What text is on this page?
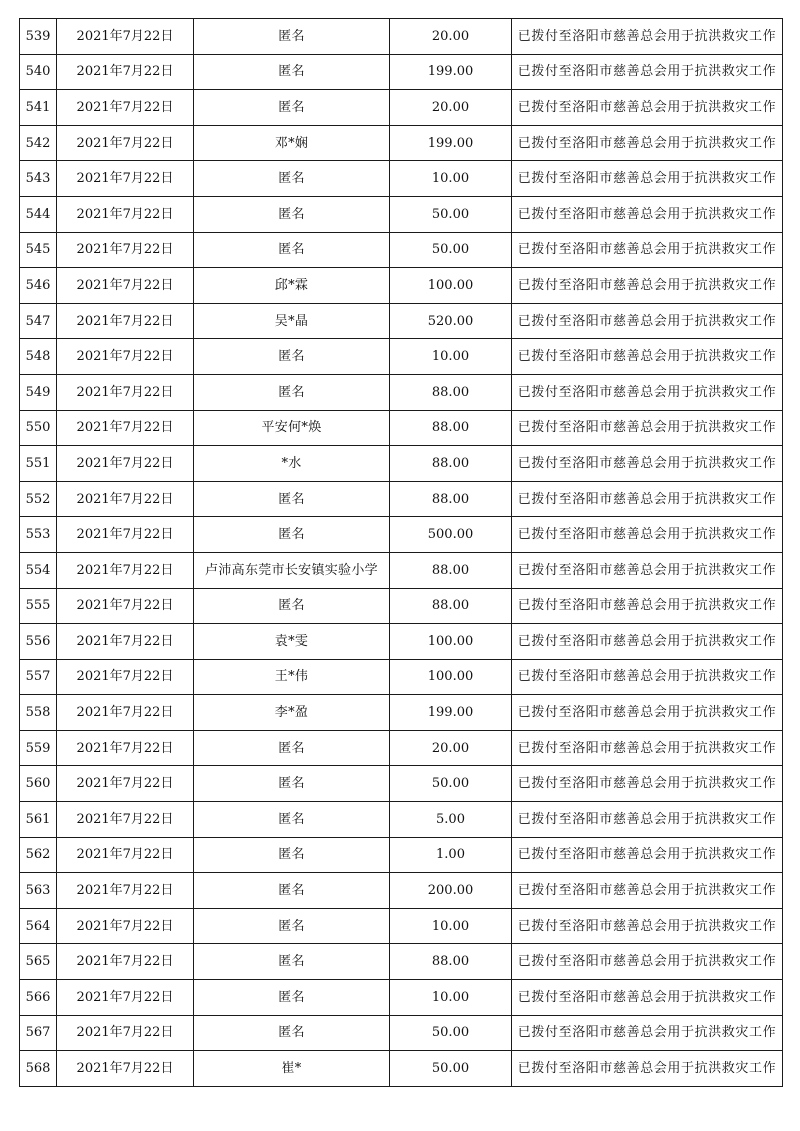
539	2021年7月22日	匿名	20.00	已拨付至洛阳市慈善总会用于抗洪救灾工作
540	2021年7月22日	匿名	199.00	已拨付至洛阳市慈善总会用于抗洪救灾工作
541	2021年7月22日	匿名	20.00	已拨付至洛阳市慈善总会用于抗洪救灾工作
542	2021年7月22日	邓*娴	199.00	已拨付至洛阳市慈善总会用于抗洪救灾工作
543	2021年7月22日	匿名	10.00	已拨付至洛阳市慈善总会用于抗洪救灾工作
544	2021年7月22日	匿名	50.00	已拨付至洛阳市慈善总会用于抗洪救灾工作
545	2021年7月22日	匿名	50.00	已拨付至洛阳市慈善总会用于抗洪救灾工作
546	2021年7月22日	邱*霖	100.00	已拨付至洛阳市慈善总会用于抗洪救灾工作
547	2021年7月22日	吴*晶	520.00	已拨付至洛阳市慈善总会用于抗洪救灾工作
548	2021年7月22日	匿名	10.00	已拨付至洛阳市慈善总会用于抗洪救灾工作
549	2021年7月22日	匿名	88.00	已拨付至洛阳市慈善总会用于抗洪救灾工作
550	2021年7月22日	平安何*焕	88.00	已拨付至洛阳市慈善总会用于抗洪救灾工作
551	2021年7月22日	*水	88.00	已拨付至洛阳市慈善总会用于抗洪救灾工作
552	2021年7月22日	匿名	88.00	已拨付至洛阳市慈善总会用于抗洪救灾工作
553	2021年7月22日	匿名	500.00	已拨付至洛阳市慈善总会用于抗洪救灾工作
554	2021年7月22日	卢沛高东莞市长安镇实验小学	88.00	已拨付至洛阳市慈善总会用于抗洪救灾工作
555	2021年7月22日	匿名	88.00	已拨付至洛阳市慈善总会用于抗洪救灾工作
556	2021年7月22日	袁*雯	100.00	已拨付至洛阳市慈善总会用于抗洪救灾工作
557	2021年7月22日	王*伟	100.00	已拨付至洛阳市慈善总会用于抗洪救灾工作
558	2021年7月22日	李*盈	199.00	已拨付至洛阳市慈善总会用于抗洪救灾工作
559	2021年7月22日	匿名	20.00	已拨付至洛阳市慈善总会用于抗洪救灾工作
560	2021年7月22日	匿名	50.00	已拨付至洛阳市慈善总会用于抗洪救灾工作
561	2021年7月22日	匿名	5.00	已拨付至洛阳市慈善总会用于抗洪救灾工作
562	2021年7月22日	匿名	1.00	已拨付至洛阳市慈善总会用于抗洪救灾工作
563	2021年7月22日	匿名	200.00	已拨付至洛阳市慈善总会用于抗洪救灾工作
564	2021年7月22日	匿名	10.00	已拨付至洛阳市慈善总会用于抗洪救灾工作
565	2021年7月22日	匿名	88.00	已拨付至洛阳市慈善总会用于抗洪救灾工作
566	2021年7月22日	匿名	10.00	已拨付至洛阳市慈善总会用于抗洪救灾工作
567	2021年7月22日	匿名	50.00	已拨付至洛阳市慈善总会用于抗洪救灾工作
568	2021年7月22日	崔*	50.00	已拨付至洛阳市慈善总会用于抗洪救灾工作
